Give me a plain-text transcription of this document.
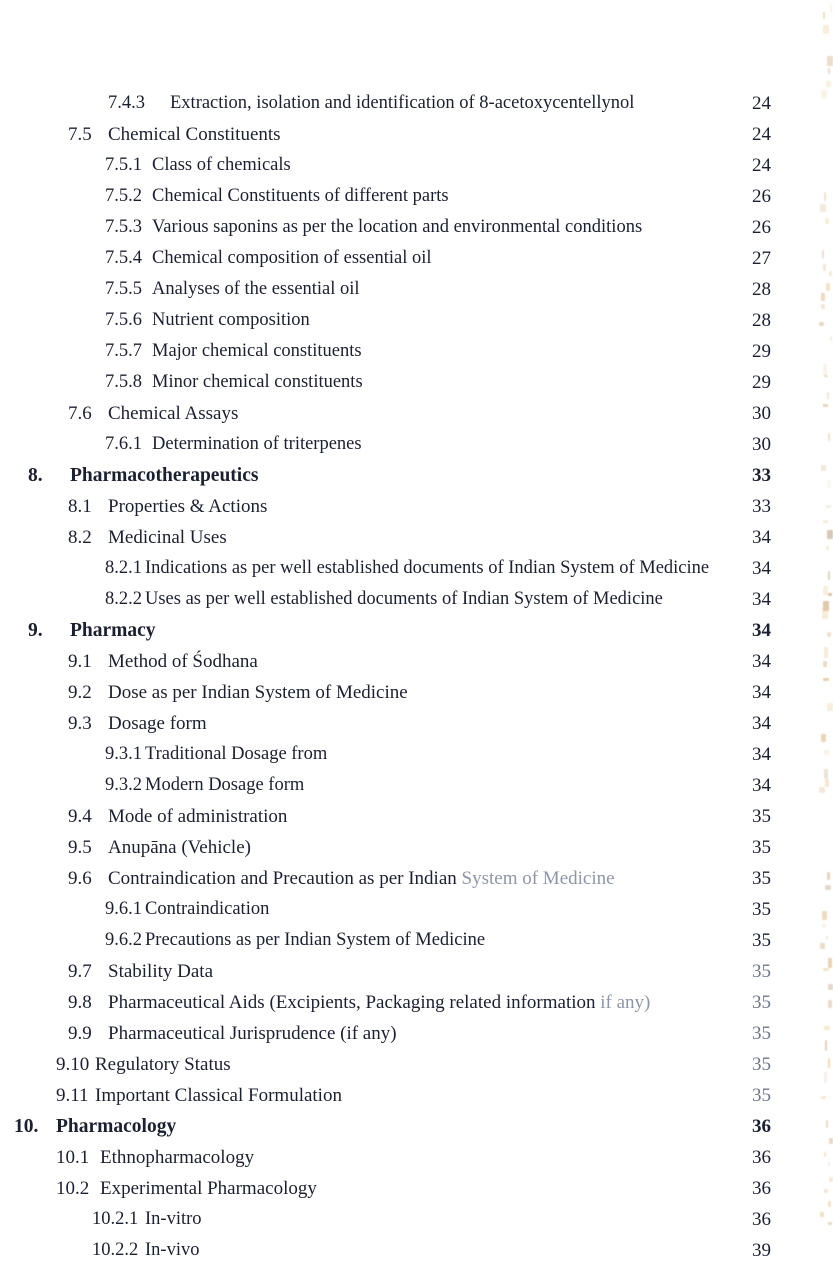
7.4.3 Extraction, isolation and identification of 8-acetoxycentellynol	24
7.5 Chemical Constituents	24
7.5.1 Class of chemicals	24
7.5.2 Chemical Constituents of different parts	26
7.5.3 Various saponins as per the location and environmental conditions	26
7.5.4 Chemical composition of essential oil	27
7.5.5 Analyses of the essential oil	28
7.5.6 Nutrient composition	28
7.5.7 Major chemical constituents	29
7.5.8 Minor chemical constituents	29
7.6 Chemical Assays	30
7.6.1 Determination of triterpenes	30
8. Pharmacotherapeutics	33
8.1 Properties & Actions	33
8.2 Medicinal Uses	34
8.2.1 Indications as per well established documents of Indian System of Medicine 34
8.2.2 Uses as per well established documents of Indian System of Medicine	34
9. Pharmacy	34
9.1 Method of Śodhana	34
9.2 Dose as per Indian System of Medicine	34
9.3 Dosage form	34
9.3.1 Traditional Dosage from	34
9.3.2 Modern Dosage form	34
9.4 Mode of administration	35
9.5 Anupāna (Vehicle)	35
9.6 Contraindication and Precaution as per Indian System of Medicine	35
9.6.1 Contraindication	35
9.6.2 Precautions as per Indian System of Medicine	35
9.7 Stability Data	35
9.8 Pharmaceutical Aids (Excipients, Packaging related information if any)	35
9.9 Pharmaceutical Jurisprudence (if any)	35
9.10 Regulatory Status	35
9.11 Important Classical Formulation	35
10. Pharmacology	36
10.1 Ethnopharmacology	36
10.2 Experimental Pharmacology	36
10.2.1 In-vitro	36
10.2.2 In-vivo	39
